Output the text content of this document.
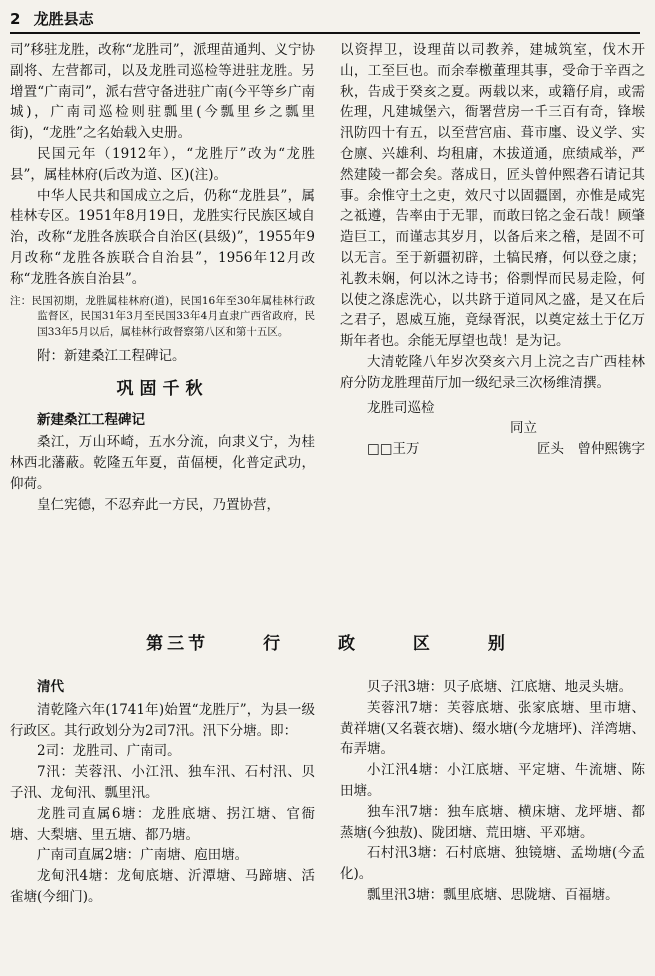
2 龙胜县志

司”移驻龙胜，改称“龙胜司”，派理苗通判、义宁协副将、左营都司，以及龙胜司巡检等进驻龙胜。另增置“广南司”，派右营守备进驻广南(今平等乡广南城)，广南司巡检则驻瓢里(今瓢里乡之瓢里街)，“龙胜”之名始载入史册。

民国元年（1912年），“龙胜厅”改为“龙胜县”，属桂林府(后改为道、区)(注)。

中华人民共和国成立之后，仍称“龙胜县”，属桂林专区。1951年8月19日，龙胜实行民族区域自治，改称“龙胜各族联合自治区(县级)”，1955年9月改称“龙胜各族联合自治县”，1956年12月改称“龙胜各族自治县”。

注：民国初期，龙胜属桂林府(道)，民国16年至30年属桂林行政监督区，民国31年3月至民国33年4月直隶广西省政府，民国33年5月以后，属桂林行政督察第八区和第十五区。

附：新建桑江工程碑记。

巩固千秋

新建桑江工程碑记

桑江，万山环崎，五水分流，向隶义宁，为桂林西北藩蔽。乾隆五年夏，苗偪梗，化普定武功，仰荷。

皇仁宪德，不忍弃此一方民，乃置协营，

以资捍卫，设理苗以司教养，建城筑室，伐木开山，工至巨也。而余奉檄董理其事，受命于辛酉之秋，告成于癸亥之夏。两载以来，或籍仔肩，或需佐理，凡建城堡六，衙署营房一千三百有奇，锋堠汛防四十有五，以至营宫庙、葺市廛、设义学、实仓廪、兴雄利、均租庸，木拔道通，庶绩咸举，严然建陵一都会矣。落成日，匠头曾仲熙砻石请记其事。余惟守土之吏，效尺寸以固疆圉，亦惟是咸宪之祗遵，告率由于无罪，而敢曰铭之金石哉！顾肇造巨工，而谨志其岁月，以备后来之稽，是固不可以无言。至于新疆初辟，土犒民瘠，何以登之康；礼教未娴，何以沐之诗书；俗剽悍而民易走险，何以使之涤虑洗心，以共跻于道同风之盛，是又在后之君子，恩威互施，竟绿胥泯，以奠定兹土于亿万斯年者也。余能无厚望也哉！是为记。

大清乾隆八年岁次癸亥六月上浣之吉广西桂林府分防龙胜理苗厅加一级纪录三次杨维清撰。

龙胜司巡检

同立

□□王万	匠头　曾仲熙镌字
第三节	行	政	区	别

清代

清乾隆六年(1741年)始置“龙胜厅”，为县一级行政区。其行政划分为2司7汛。汛下分塘。即：

2司：龙胜司、广南司。

7汛：芙蓉汛、小江汛、独车汛、石村汛、贝子汛、龙甸汛、瓢里汛。

龙胜司直属6塘：龙胜底塘、拐江塘、官衙塘、大梨塘、里五塘、都乃塘。

广南司直属2塘：广南塘、庖田塘。

龙甸汛4塘：龙甸底塘、沂潭塘、马蹄塘、活雀塘(今细门)。

贝子汛3塘：贝子底塘、江底塘、地灵头塘。

芙蓉汛7塘：芙蓉底塘、张家底塘、里市塘、黄祥塘(又名蓑衣塘)、缀水塘(今龙塘坪)、洋湾塘、布弄塘。

小江汛4塘：小江底塘、平定塘、牛流塘、陈田塘。

独车汛7塘：独车底塘、横床塘、龙坪塘、都蒸塘(今独敖)、陇团塘、荒田塘、平邓塘。

石村汛3塘：石村底塘、独镜塘、孟坳塘(今孟化)。

瓢里汛3塘：瓢里底塘、思陇塘、百福塘。
